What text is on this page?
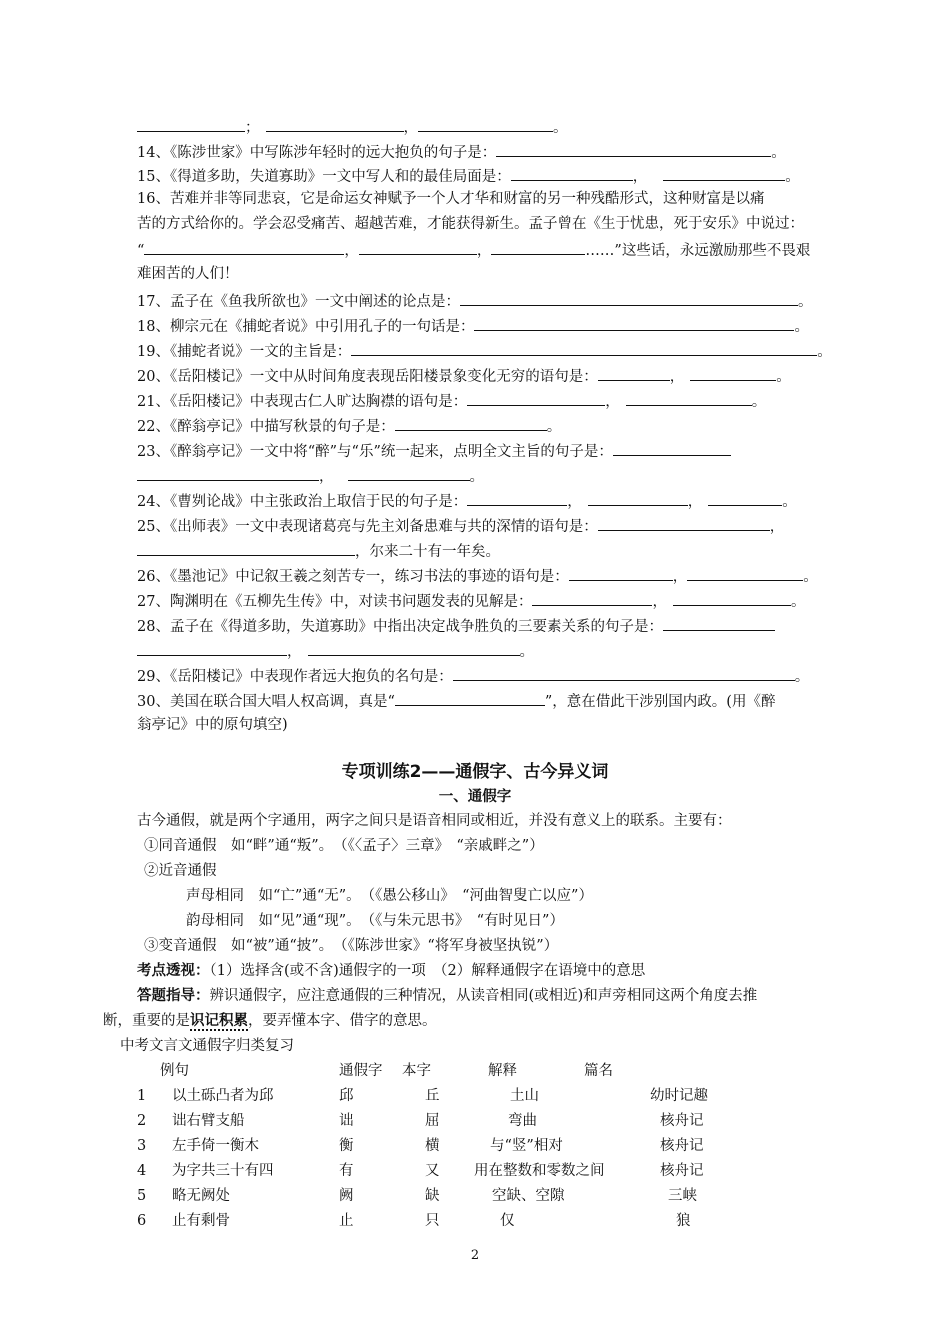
；	，	。
14、《陈涉世家》中写陈涉年轻时的远大抱负的句子是：	。
15、《得道多助，失道寡助》一文中写人和的最佳局面是：	，	。
16、苦难并非等同悲哀，它是命运女神赋予一个人才华和财富的另一种残酷形式，这种财富是以痛
苦的方式给你的。学会忍受痛苦、超越苦难，才能获得新生。孟子曾在《生于忧患，死于安乐》中说过：
“	，	，	……”这些话，永远激励那些不畏艰
难困苦的人们！
17、孟子在《鱼我所欲也》一文中阐述的论点是：	。
18、柳宗元在《捕蛇者说》中引用孔子的一句话是：	。
19、《捕蛇者说》一文的主旨是：	。
20、《岳阳楼记》一文中从时间角度表现岳阳楼景象变化无穷的语句是：	，	。
21、《岳阳楼记》中表现古仁人旷达胸襟的语句是：	，	。
22、《醉翁亭记》中描写秋景的句子是：	。
23、《醉翁亭记》一文中将“醉”与“乐”统一起来，点明全文主旨的句子是：
，	。
24、《曹刿论战》中主张政治上取信于民的句子是：	，	，	。
25、《出师表》一文中表现诸葛亮与先主刘备患难与共的深情的语句是：	，
，尔来二十有一年矣。
26、《墨池记》中记叙王羲之刻苦专一，练习书法的事迹的语句是：	，	。
27、陶渊明在《五柳先生传》中，对读书问题发表的见解是：	，	。
28、孟子在《得道多助，失道寡助》中指出决定战争胜负的三要素关系的句子是：
，	。
29、《岳阳楼记》中表现作者远大抱负的名句是：	。
30、美国在联合国大唱人权高调，真是“	”，意在借此干涉别国内政。(用《醉
翁亭记》中的原句填空)
专项训练2——通假字、古今异义词
一、通假字
古今通假，就是两个字通用，两字之间只是语音相同或相近，并没有意义上的联系。主要有：
①同音通假　如“畔”通“叛”。　（《〈孟子〉三章》　“亲戚畔之”）
②近音通假
声母相同　如“亡”通“无”。　（《愚公移山》　“河曲智叟亡以应”）
韵母相同　如“见”通“现”。　（《与朱元思书》　“有时见日”）
③变音通假　如“被”通“披”。　（《陈涉世家》“将军身被坚执锐”）
考点透视：（1）选择含(或不含)通假字的一项　（2）解释通假字在语境中的意思
答题指导：辨识通假字，应注意通假的三种情况，从读音相同(或相近)和声旁相同这两个角度去推
断，重要的是识记积累，要弄懂本字、借字的意思。
中考文言文通假字归类复习
例句	通假字 本字	解释	篇名
1 以土砾凸者为邱	邱	丘	土山	幼时记趣
2 诎右臂支船	诎	屈	弯曲	核舟记
3 左手倚一衡木	衡	横	与“竖”相对	核舟记
4 为字共三十有四	有	又 用在整数和零数之间	核舟记
5 略无阙处	阙	缺	空缺、空隙	三峡
6 止有剩骨	止	只	仅	狼
2
